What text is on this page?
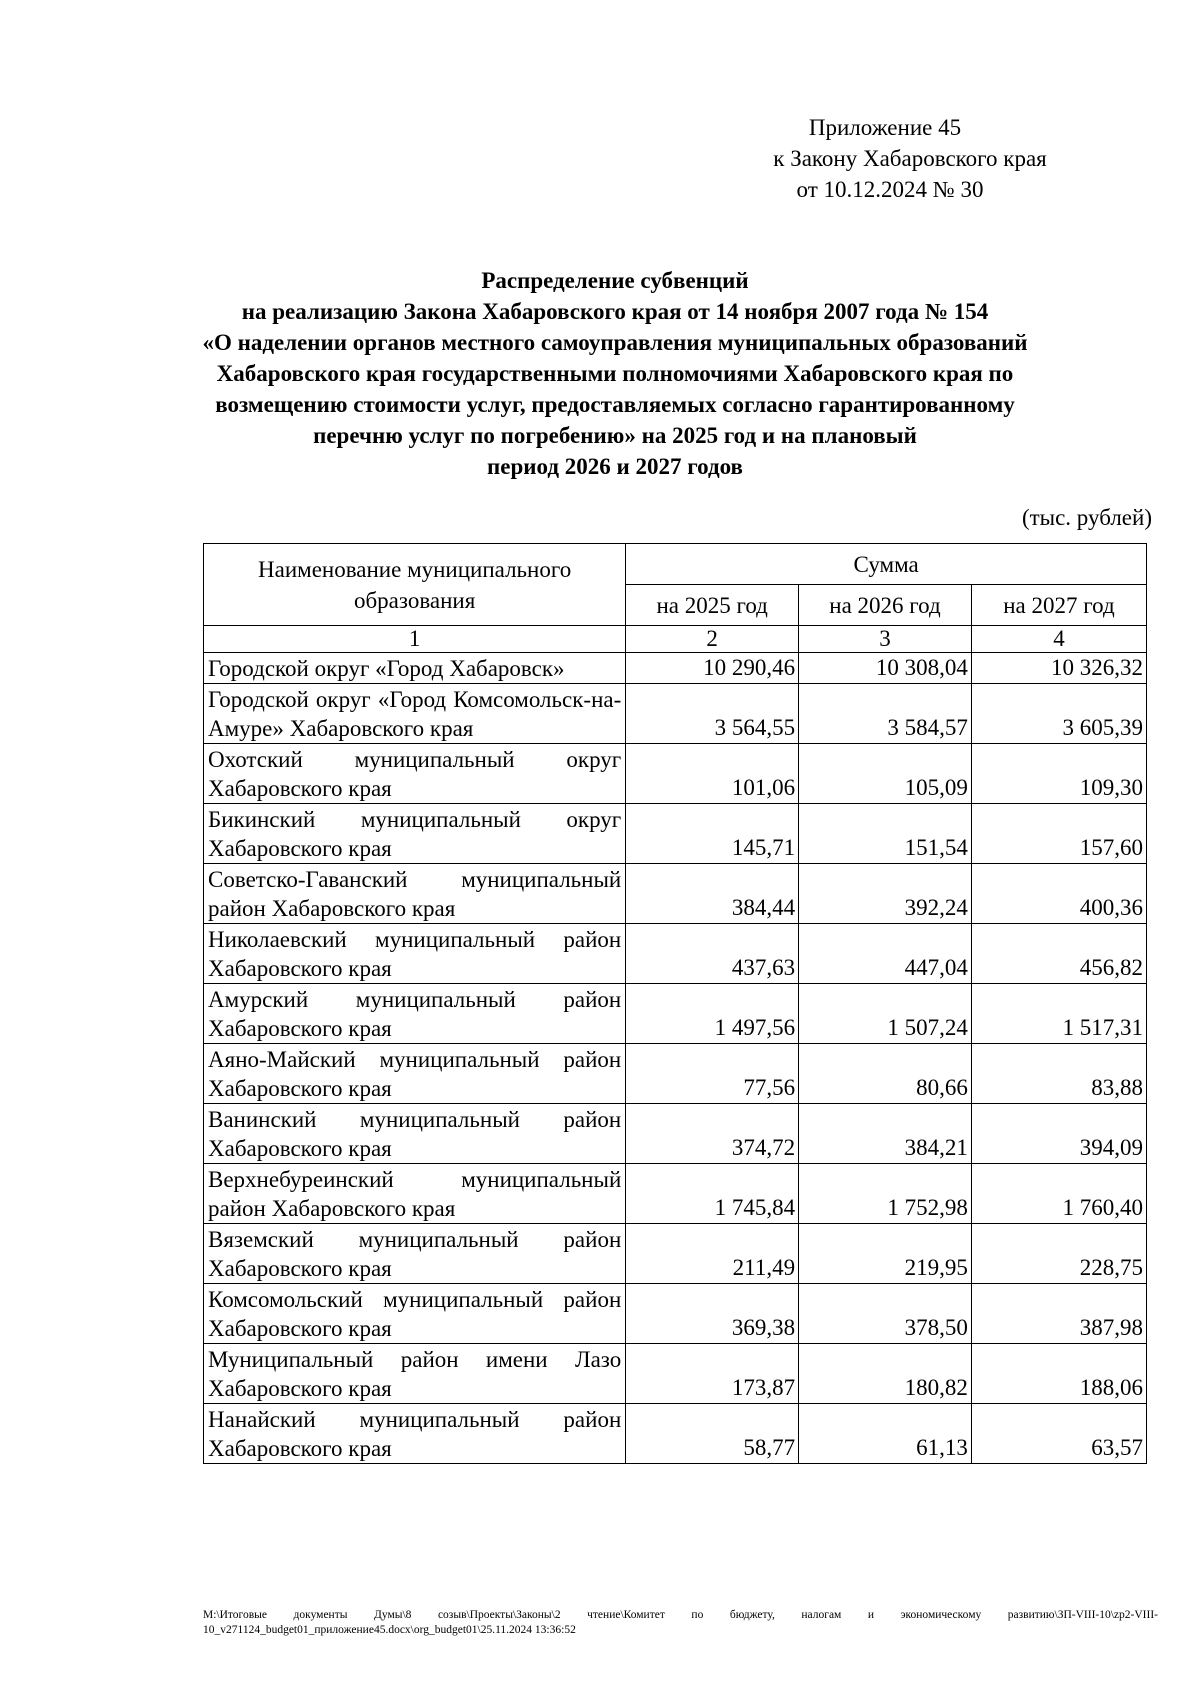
Приложение 45
к Закону Хабаровского края
от 10.12.2024 № 30
Распределение субвенций
на реализацию Закона Хабаровского края от 14 ноября 2007 года № 154
«О наделении органов местного самоуправления муниципальных образований
Хабаровского края государственными полномочиями Хабаровского края по
возмещению стоимости услуг, предоставляемых согласно гарантированному
перечню услуг по погребению» на 2025 год и на плановый
период 2026 и 2027 годов
(тыс. рублей)
Наименование муниципального образования	Сумма		
	на 2025 год	на 2026 год	на 2027 год
1	2	3	4
Городской округ «Город Хабаровск»	10 290,46	10 308,04	10 326,32
Городской округ «Город Комсомольск-на-Амуре» Хабаровского края	3 564,55	3 584,57	3 605,39
Охотский муниципальный округ Хабаровского края	101,06	105,09	109,30
Бикинский муниципальный округ Хабаровского края	145,71	151,54	157,60
Советско-Гаванский муниципальный район Хабаровского края	384,44	392,24	400,36
Николаевский муниципальный район Хабаровского края	437,63	447,04	456,82
Амурский муниципальный район Хабаровского края	1 497,56	1 507,24	1 517,31
Аяно-Майский муниципальный район Хабаровского края	77,56	80,66	83,88
Ванинский муниципальный район Хабаровского края	374,72	384,21	394,09
Верхнебуреинский муниципальный район Хабаровского края	1 745,84	1 752,98	1 760,40
Вяземский муниципальный район Хабаровского края	211,49	219,95	228,75
Комсомольский муниципальный район Хабаровского края	369,38	378,50	387,98
Муниципальный район имени Лазо Хабаровского края	173,87	180,82	188,06
Нанайский муниципальный район Хабаровского края	58,77	61,13	63,57
M:\Итоговые документы Думы\8 созыв\Проекты\Законы\2 чтение\Комитет по бюджету, налогам и экономическому развитию\ЗП-VIII-10\zp2-VIII-10_v271124_budget01_приложение45.docx\org_budget01\25.11.2024 13:36:52
